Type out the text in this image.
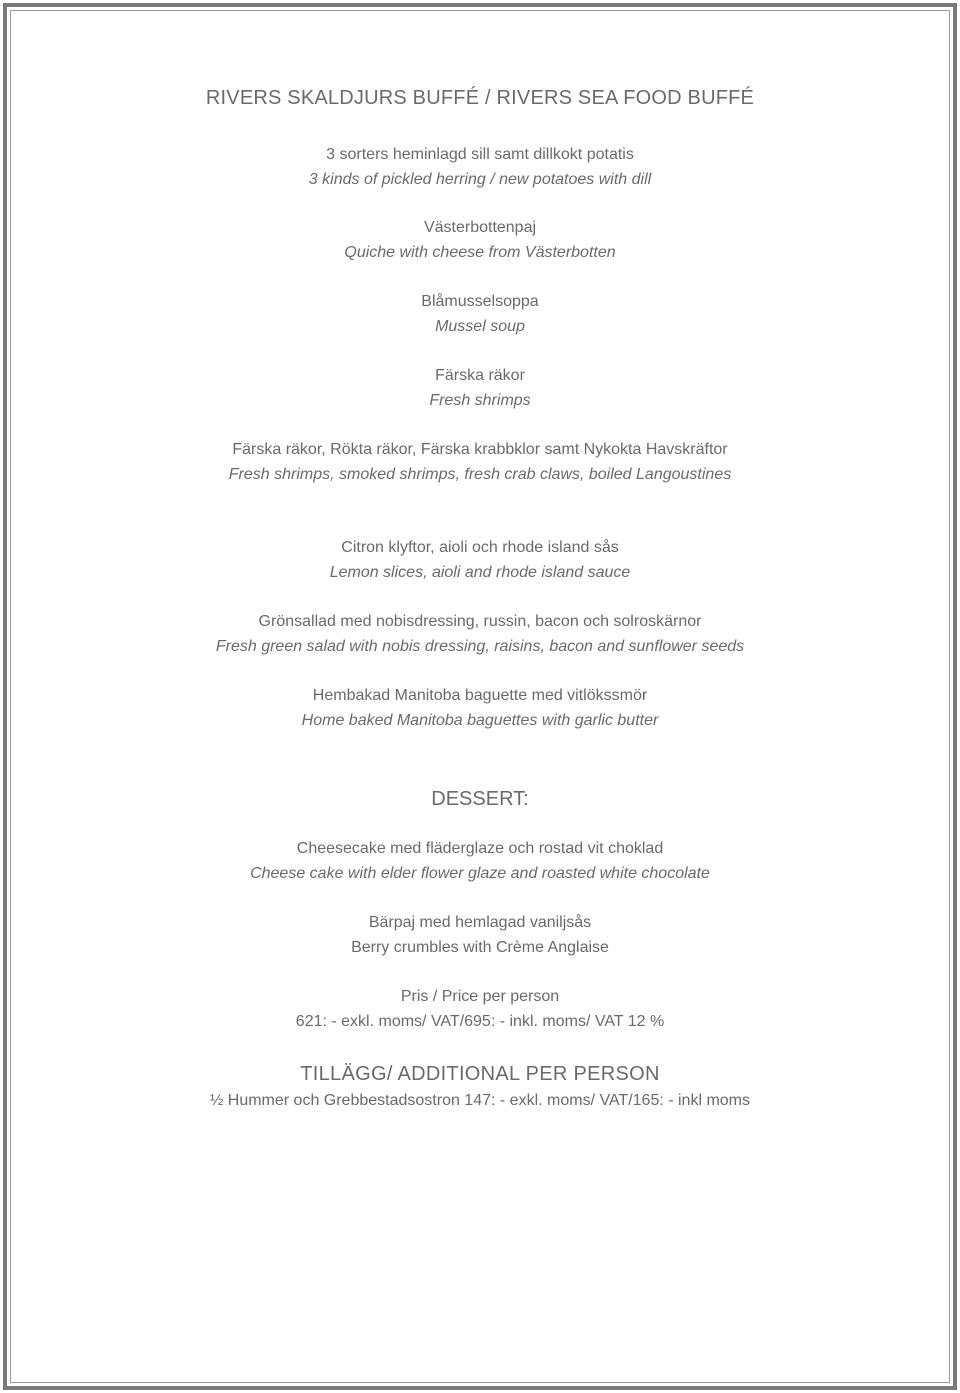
RIVERS SKALDJURS BUFFÉ / RIVERS SEA FOOD BUFFÉ
3 sorters heminlagd sill samt dillkokt potatis
3 kinds of pickled herring / new potatoes with dill
Västerbottenpaj
Quiche with cheese from Västerbotten
Blåmusselsoppa
Mussel soup
Färska räkor
Fresh shrimps
Färska räkor, Rökta räkor, Färska krabbklor samt Nykokta Havskräftor
Fresh shrimps, smoked shrimps, fresh crab claws, boiled Langoustines
Citron klyftor, aioli och rhode island sås
Lemon slices, aioli and rhode island sauce
Grönsallad med nobisdressing, russin, bacon och solroskärnor
Fresh green salad with nobis dressing, raisins, bacon and sunflower seeds
Hembakad Manitoba baguette med vitlökssmör
Home baked Manitoba baguettes with garlic butter
DESSERT:
Cheesecake med fläderglaze och rostad vit choklad
Cheese cake with elder flower glaze and roasted white chocolate
Bärpaj med hemlagad vaniljsås
Berry crumbles with Crème Anglaise
Pris / Price per person
621: - exkl. moms/ VAT/695: - inkl. moms/ VAT 12 %
TILLÄGG/ ADDITIONAL PER PERSON
½ Hummer och Grebbestadsostron 147: - exkl. moms/ VAT/165: - inkl moms
